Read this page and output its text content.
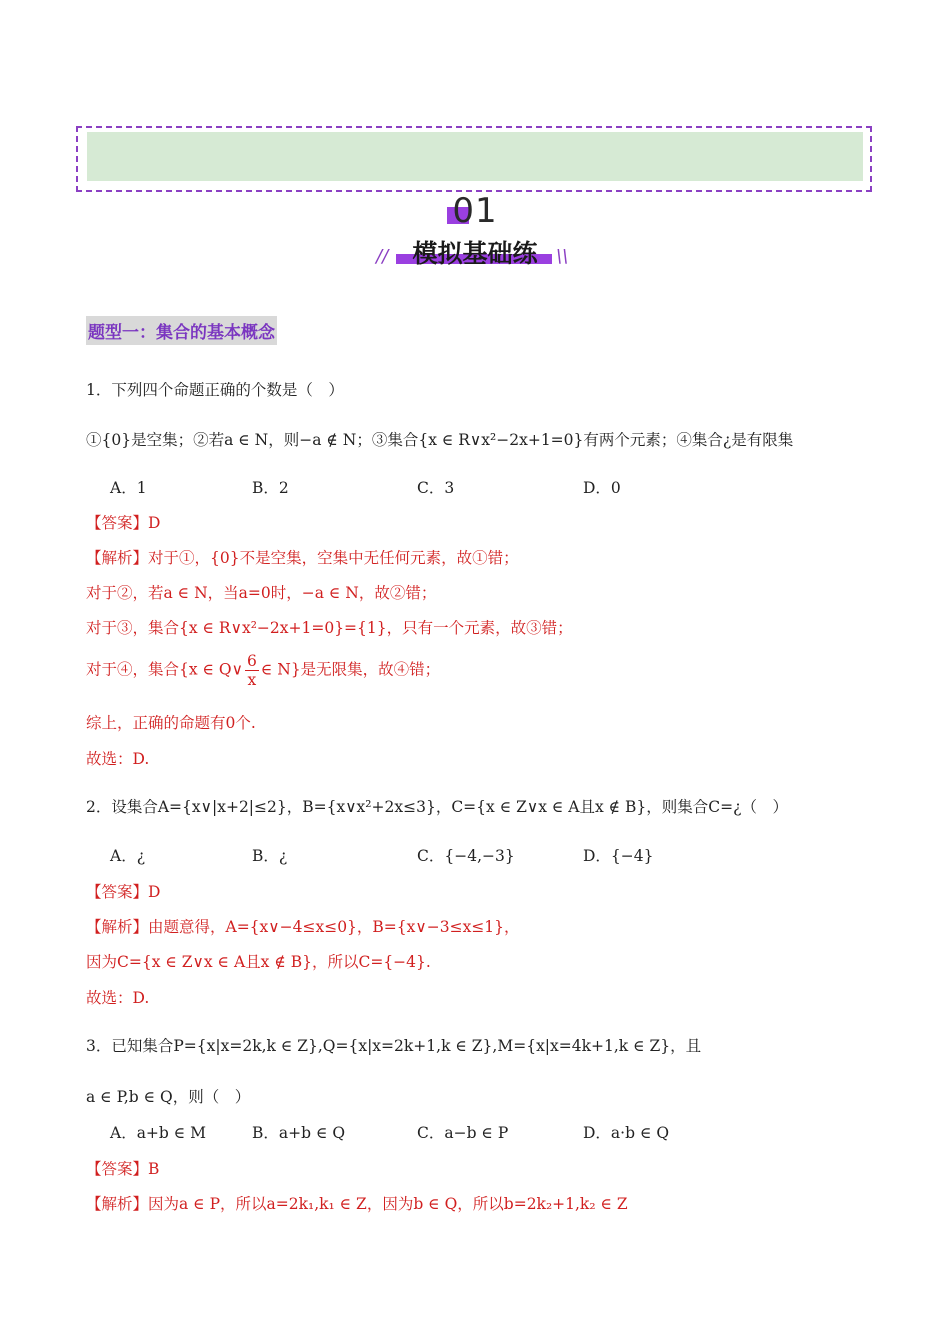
01
// 模拟基础练	\\
题型一：集合的基本概念
1．下列四个命题正确的个数是（　）
①{0}是空集；②若a ∈ N，则−a ∉ N；③集合{x ∈ R∨x²−2x+1=0}有两个元素；④集合¿是有限集
A．1	B．2	C．3	D．0
【答案】D
【解析】对于①，{0}不是空集，空集中无任何元素，故①错；
对于②，若a ∈ N，当a=0时，−a ∈ N，故②错；
对于③，集合{x ∈ R∨x²−2x+1=0}={1}，只有一个元素，故③错；
对于④，集合{x ∈ Q∨ $\frac{6}{x}$ ∈ N}是无限集，故④错；
综上，正确的命题有0个.
故选：D.
2．设集合A={x∨|x+2|≤2}，B={x∨x²+2x≤3}，C={x ∈ Z∨x ∈ A且x ∉ B}，则集合C=¿（　）
A．¿	B．¿	C．{−4,−3}	D．{−4}
【答案】D
【解析】由题意得，A={x∨−4≤x≤0}，B={x∨−3≤x≤1}，
因为C={x ∈ Z∨x ∈ A且x ∉ B}，所以C={−4}.
故选：D.
3．已知集合P={x|x=2k,k ∈ Z},Q={x|x=2k+1,k ∈ Z},M={x|x=4k+1,k ∈ Z}，且
a ∈ P,b ∈ Q，则（　）
A．a+b ∈ M	B．a+b ∈ Q	C．a−b ∈ P	D．a·b ∈ Q
【答案】B
【解析】因为a ∈ P，所以a=2k₁,k₁ ∈ Z，因为b ∈ Q，所以b=2k₂+1,k₂ ∈ Z
